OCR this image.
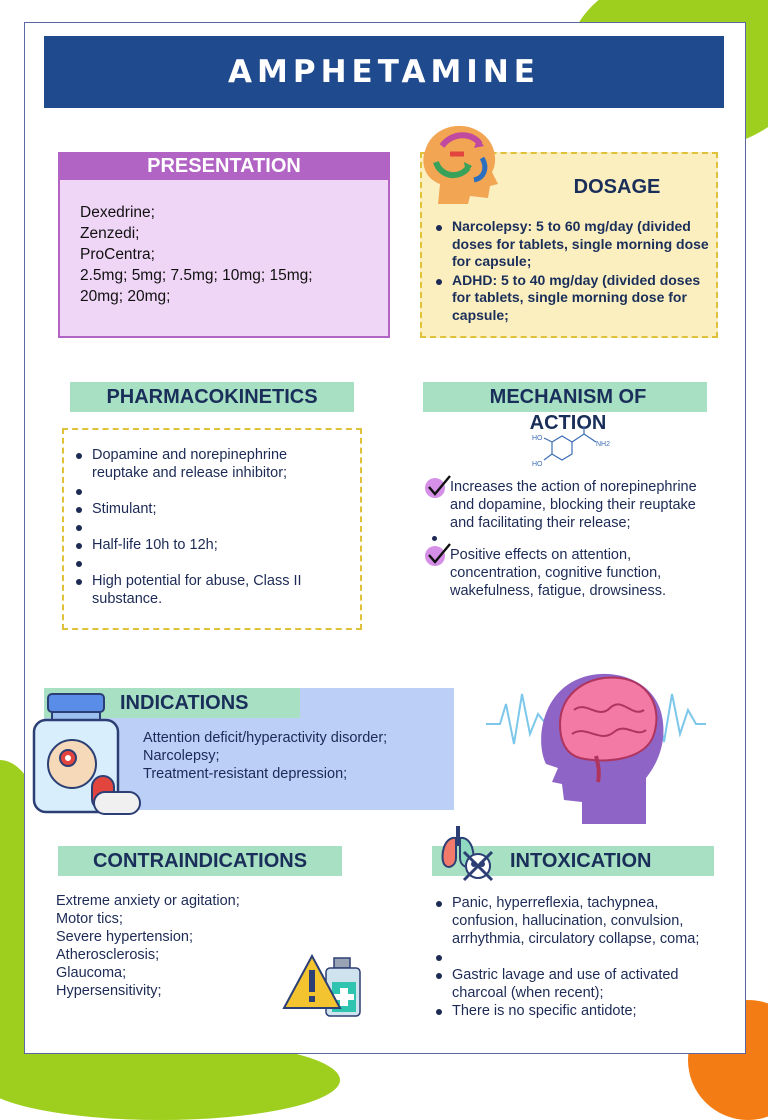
AMPHETAMINE
PRESENTATION
Dexedrine;
Zenzedi;
ProCentra;
2.5mg; 5mg; 7.5mg; 10mg; 15mg;
20mg; 20mg;
DOSAGE
Narcolepsy: 5 to 60 mg/day (divided doses for tablets, single morning dose for capsule;
ADHD: 5 to 40 mg/day (divided doses for tablets, single morning dose for capsule;
PHARMACOKINETICS
Dopamine and norepinephrine reuptake and release inhibitor;
Stimulant;
Half-life 10h to 12h;
High potential for abuse, Class II substance.
MECHANISM OF ACTION
HO
HO
NH2
Increases the action of norepinephrine and dopamine, blocking their reuptake and facilitating their release;
Positive effects on attention, concentration, cognitive function, wakefulness, fatigue, drowsiness.
INDICATIONS
Attention deficit/hyperactivity disorder;
Narcolepsy;
Treatment-resistant depression;
CONTRAINDICATIONS
Extreme anxiety or agitation;
Motor tics;
Severe hypertension;
Atherosclerosis;
Glaucoma;
Hypersensitivity;
INTOXICATION
Panic, hyperreflexia, tachypnea, confusion, hallucination, convulsion, arrhythmia, circulatory collapse, coma;
Gastric lavage and use of activated charcoal (when recent);
There is no specific antidote;
